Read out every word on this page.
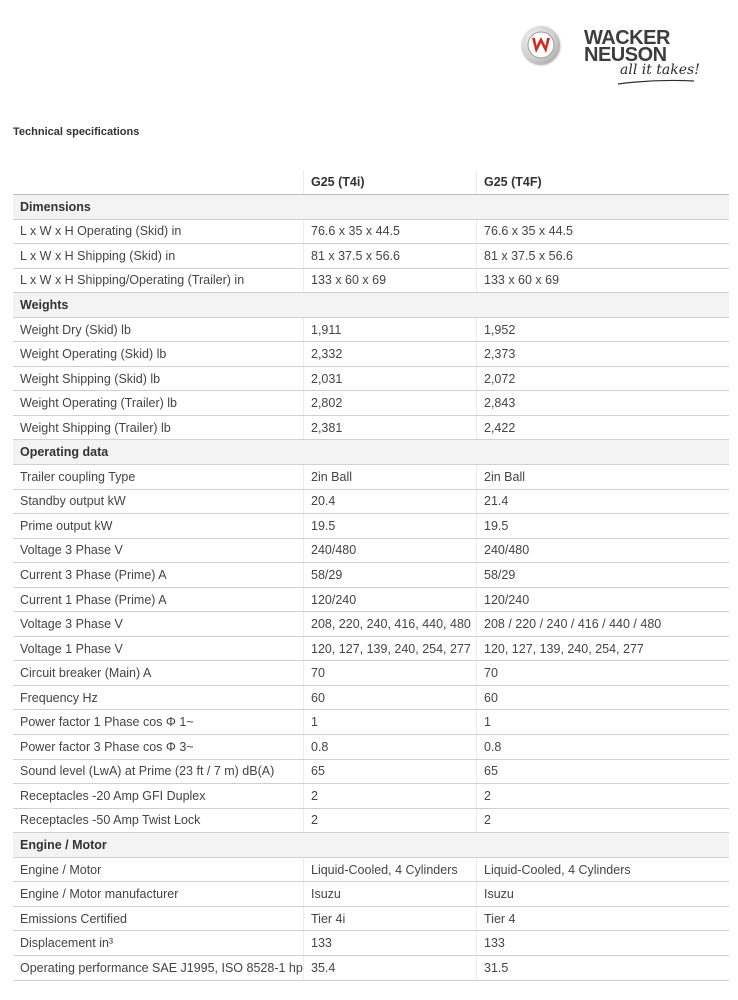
WACKER
NEUSON
all it takes!
Technical specifications
	G25 (T4i)	G25 (T4F)
Dimensions		
L x W x H Operating (Skid) in	76.6 x 35 x 44.5	76.6 x 35 x 44.5
L x W x H Shipping (Skid) in	81 x 37.5 x 56.6	81 x 37.5 x 56.6
L x W x H Shipping/Operating (Trailer) in	133 x 60 x 69	133 x 60 x 69
Weights		
Weight Dry (Skid) lb	1,911	1,952
Weight Operating (Skid) lb	2,332	2,373
Weight Shipping (Skid) lb	2,031	2,072
Weight Operating (Trailer) lb	2,802	2,843
Weight Shipping (Trailer) lb	2,381	2,422
Operating data		
Trailer coupling Type	2in Ball	2in Ball
Standby output kW	20.4	21.4
Prime output kW	19.5	19.5
Voltage 3 Phase V	240/480	240/480
Current 3 Phase (Prime) A	58/29	58/29
Current 1 Phase (Prime) A	120/240	120/240
Voltage 3 Phase V	208, 220, 240, 416, 440, 480	208 / 220 / 240 / 416 / 440 / 480
Voltage 1 Phase V	120, 127, 139, 240, 254, 277	120, 127, 139, 240, 254, 277
Circuit breaker (Main) A	70	70
Frequency Hz	60	60
Power factor 1 Phase cos Φ 1~	1	1
Power factor 3 Phase cos Φ 3~	0.8	0.8
Sound level (LwA) at Prime (23 ft / 7 m) dB(A)	65	65
Receptacles -20 Amp GFI Duplex	2	2
Receptacles -50 Amp Twist Lock	2	2
Engine / Motor		
Engine / Motor	Liquid-Cooled, 4 Cylinders	Liquid-Cooled, 4 Cylinders
Engine / Motor manufacturer	Isuzu	Isuzu
Emissions Certified	Tier 4i	Tier 4
Displacement in³	133	133
Operating performance SAE J1995, ISO 8528-1 hp	35.4	31.5
